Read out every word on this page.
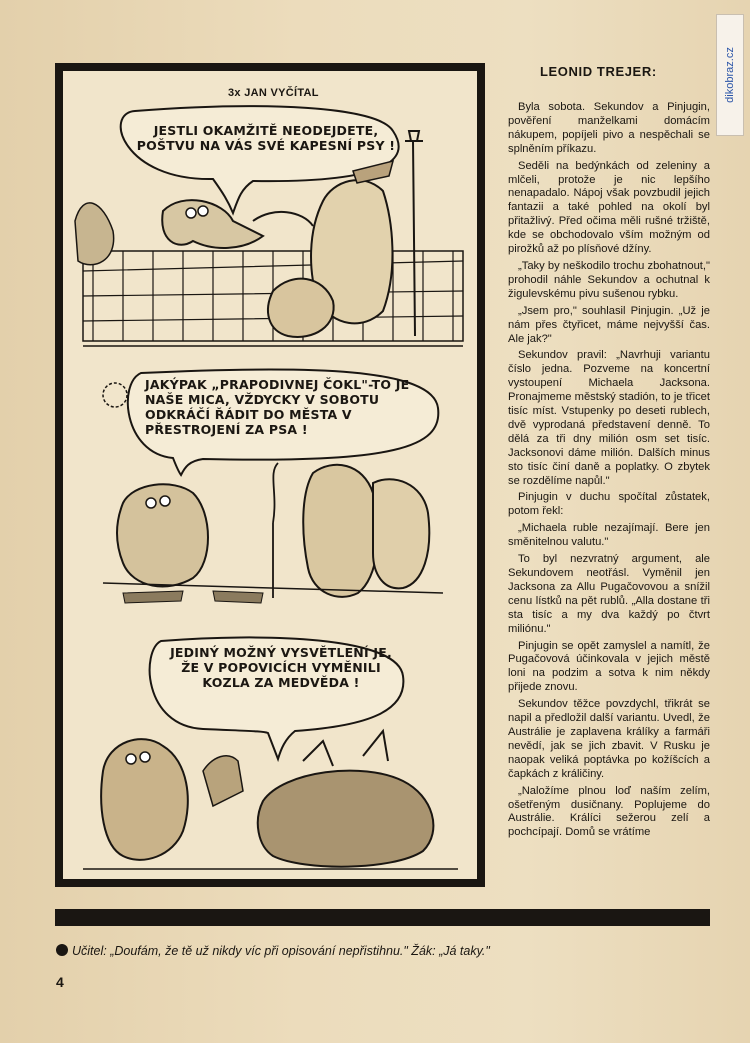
dikobraz.cz
3x JAN VYČÍTAL
JESTLI OKAMŽITĚ NEODEJDETE, POŠTVU NA VÁS SVÉ KAPESNÍ PSY !
JAKÝPAK „PRAPODIVNEJ ČOKL"-TO JE NAŠE MICA, VŽDYCKY V SOBOTU ODKRÁČÍ ŘÁDIT DO MĚSTA V PŘESTROJENÍ ZA PSA !
JEDINÝ MOŽNÝ VYSVĚTLENÍ JE, ŽE V POPOVICÍCH VYMĚNILI KOZLA ZA MEDVĚDA !
LEONID TREJER:

Byla sobota. Sekundov a Pinjugin, pověření manželkami domácím nákupem, popíjeli pivo a nespěchali se splněním příkazu.

Seděli na bedýnkách od zeleniny a mlčeli, protože je nic lepšího nenapadalo. Nápoj však povzbudil jejich fantazii a také pohled na okolí byl přitažlivý. Před očima měli rušné tržiště, kde se obchodovalo vším možným od pirožků až po plísňové džíny.

„Taky by neškodilo trochu zbohatnout," prohodil náhle Sekundov a ochutnal k žigulevskému pivu sušenou rybku.

„Jsem pro," souhlasil Pinjugin. „Už je nám přes čtyřicet, máme nejvyšší čas. Ale jak?"

Sekundov pravil: „Navrhuji variantu číslo jedna. Pozveme na koncertní vystoupení Michaela Jacksona. Pronajmeme městský stadión, to je třicet tisíc míst. Vstupenky po deseti rublech, dvě vyprodaná představení denně. To dělá za tři dny milión osm set tisíc. Jacksonovi dáme milión. Dalších minus sto tisíc činí daně a poplatky. O zbytek se rozdělíme napůl."

Pinjugin v duchu spočítal zůstatek, potom řekl:

„Michaela ruble nezajímají. Bere jen směnitelnou valutu."

To byl nezvratný argument, ale Sekundovem neotřásl. Vyměnil jen Jacksona za Allu Pugačovovou a snížil cenu lístků na pět rublů. „Alla dostane tři sta tisíc a my dva každý po čtvrt miliónu."

Pinjugin se opět zamyslel a namítl, že Pugačovová účinkovala v jejich městě loni na podzim a sotva k nim někdy přijede znovu.

Sekundov těžce povzdychl, třikrát se napil a předložil další variantu. Uvedl, že Austrálie je zaplavena králíky a farmáři nevědí, jak se jich zbavit. V Rusku je naopak veliká poptávka po kožíšcích a čapkách z králičiny.

„Naložíme plnou loď naším zelím, ošetřeným dusičnany. Poplujeme do Austrálie. Králíci sežerou zelí a pochcípají. Domů se vrátíme

Učitel: „Doufám, že tě už nikdy víc při opisování nepřistihnu." Žák: „Já taky."
4
